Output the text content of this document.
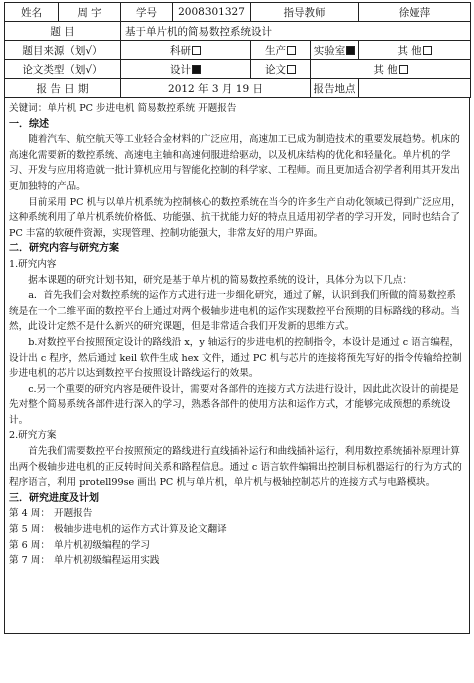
姓名	周 宇	学号	2008301327	指导教师		徐娅萍
题 目		基于单片机的简易数控系统设计				
题目来源（划√）		科研		生产	实验室	其 他
论文类型（划√）		设计		论文	其 他	
报 告 日 期		2012 年 3 月 19 日			报告地点	

关键词：单片机 PC 步进电机 简易数控系统 开题报告

一．综述

随着汽车、航空航天等工业轻合金材料的广泛应用，高速加工已成为制造技术的重要发展趋势。机床的高速化需要新的数控系统、高速电主轴和高速伺服进给驱动，以及机床结构的优化和轻量化。单片机的学习、开发与应用将造就一批计算机应用与智能化控制的科学家、工程师。而且更加适合初学者利用其开发出更加独特的产品。

目前采用 PC 机与以单片机系统为控制核心的数控系统在当今的许多生产自动化领域已得到广泛应用，这种系统利用了单片机系统价格低、功能强、抗干扰能力好的特点且适用初学者的学习开发，同时也结合了 PC 丰富的软硬件资源，实现管理、控制功能强大，非常友好的用户界面。

二．研究内容与研究方案

1.研究内容

据本课题的研究计划书知，研究是基于单片机的简易数控系统的设计，具体分为以下几点：

a．首先我们会对数控系统的运作方式进行进一步细化研究，通过了解，认识到我们所做的简易数控系统是在一个二维平面的数控平台上通过对两个极轴步进电机的运作实现数控平台预期的目标路线的移动。当然，此设计定然不是什么新兴的研究课题，但是非常适合我们开发新的思维方式。

b.对数控平台按照预定设计的路线沿 x，y 轴运行的步进电机的控制指令，本设计是通过 c 语言编程，设计出 c 程序，然后通过 keil 软件生成 hex 文件，通过 PC 机与芯片的连接将预先写好的指令传输给控制步进电机的芯片以达到数控平台按照设计路线运行的效果。

c.另一个重要的研究内容是硬件设计，需要对各部件的连接方式方法进行设计，因此此次设计的前提是先对整个简易系统各部件进行深入的学习，熟悉各部件的使用方法和运作方式，才能够完成预想的系统设计。

2.研究方案

首先我们需要数控平台按照预定的路线进行直线插补运行和曲线插补运行，利用数控系统插补原理计算出两个极轴步进电机的正反转时间关系和路程信息。通过 c 语言软件编辑出控制目标机器运行的行为方式的程序语言，利用 protell99se 画出 PC 机与单片机，单片机与极轴控制芯片的连接方式与电路模块。

三．研究进度及计划

第 4 周： 开题报告

第 5 周： 极轴步进电机的运作方式计算及论文翻译

第 6 周： 单片机初级编程的学习

第 7 周： 单片机初级编程运用实践
